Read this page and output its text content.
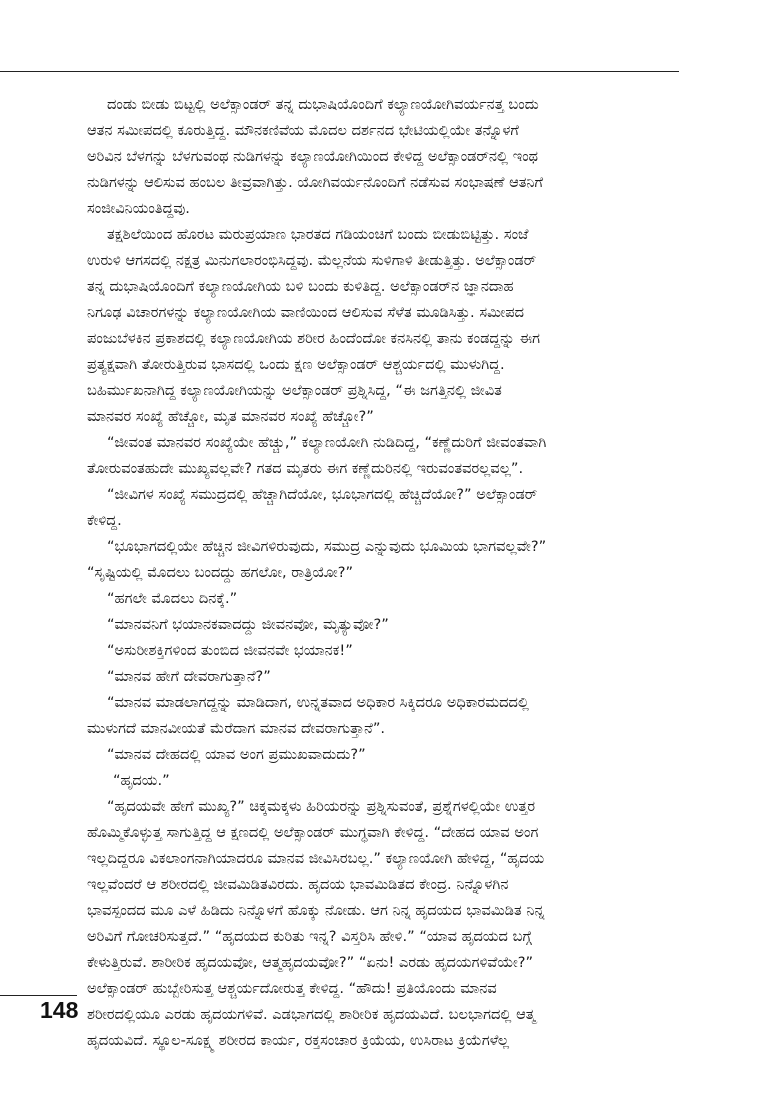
ದಂಡು ಬೀಡು ಬಿಟ್ಟಲ್ಲಿ ಅಲೆಕ್ಸಾಂಡರ್ ತನ್ನ ದುಭಾಷಿಯೊಂದಿಗೆ ಕಲ್ಯಾಣಯೋಗಿವರ್ಯನತ್ತ ಬಂದು

ಆತನ ಸಮೀಪದಲ್ಲಿ ಕೂರುತ್ತಿದ್ದ. ಮೌನಕಣಿವೆಯ ಮೊದಲ ದರ್ಶನದ ಭೇಟಿಯಲ್ಲಿಯೇ ತನ್ನೊಳಗೆ

ಅರಿವಿನ ಬೆಳಗನ್ನು ಬೆಳಗುವಂಥ ನುಡಿಗಳನ್ನು ಕಲ್ಯಾಣಯೋಗಿಯಿಂದ ಕೇಳಿದ್ದ ಅಲೆಕ್ಸಾಂಡರ್‌ನಲ್ಲಿ ಇಂಥ

ನುಡಿಗಳನ್ನು ಆಲಿಸುವ ಹಂಬಲ ತೀವ್ರವಾಗಿತ್ತು. ಯೋಗಿವರ್ಯನೊಂದಿಗೆ ನಡೆಸುವ ಸಂಭಾಷಣೆ ಆತನಿಗೆ

ಸಂಜೀವಿನಿಯಂತಿದ್ದವು.

ತಕ್ಷಶಿಲೆಯಿಂದ ಹೊರಟ ಮರುಪ್ರಯಾಣ ಭಾರತದ ಗಡಿಯಂಚಿಗೆ ಬಂದು ಬೀಡುಬಿಟ್ಟಿತ್ತು. ಸಂಜೆ

ಉರುಳಿ ಆಗಸದಲ್ಲಿ ನಕ್ಷತ್ರ ಮಿನುಗಲಾರಂಭಿಸಿದ್ದವು. ಮೆಲ್ಲನೆಯ ಸುಳಿಗಾಳಿ ತೀಡುತ್ತಿತ್ತು. ಅಲೆಕ್ಸಾಂಡರ್

ತನ್ನ ದುಭಾಷಿಯೊಂದಿಗೆ ಕಲ್ಯಾಣಯೋಗಿಯ ಬಳಿ ಬಂದು ಕುಳಿತಿದ್ದ. ಅಲೆಕ್ಸಾಂಡರ್‌ನ ಜ್ಞಾನದಾಹ

ನಿಗೂಢ ವಿಚಾರಗಳನ್ನು ಕಲ್ಯಾಣಯೋಗಿಯ ವಾಣಿಯಿಂದ ಆಲಿಸುವ ಸೆಳೆತ ಮೂಡಿಸಿತ್ತು. ಸಮೀಪದ

ಪಂಜುಬೆಳಕಿನ ಪ್ರಕಾಶದಲ್ಲಿ ಕಲ್ಯಾಣಯೋಗಿಯ ಶರೀರ ಹಿಂದೆಂದೋ ಕನಸಿನಲ್ಲಿ ತಾನು ಕಂಡದ್ದನ್ನು ಈಗ

ಪ್ರತ್ಯಕ್ಷವಾಗಿ ತೋರುತ್ತಿರುವ ಭಾಸದಲ್ಲಿ ಒಂದು ಕ್ಷಣ ಅಲೆಕ್ಸಾಂಡರ್ ಆಶ್ಚರ್ಯದಲ್ಲಿ ಮುಳುಗಿದ್ದ.

ಬಹಿರ್ಮುಖನಾಗಿದ್ದ ಕಲ್ಯಾಣಯೋಗಿಯನ್ನು ಅಲೆಕ್ಸಾಂಡರ್ ಪ್ರಶ್ನಿಸಿದ್ದ, “ಈ ಜಗತ್ತಿನಲ್ಲಿ ಜೀವಿತ

ಮಾನವರ ಸಂಖ್ಯೆ ಹೆಚ್ಚೋ, ಮೃತ ಮಾನವರ ಸಂಖ್ಯೆ ಹೆಚ್ಚೋ?”

“ಜೀವಂತ ಮಾನವರ ಸಂಖ್ಯೆಯೇ ಹೆಚ್ಚು,” ಕಲ್ಯಾಣಯೋಗಿ ನುಡಿದಿದ್ದ, “ಕಣ್ಣೆದುರಿಗೆ ಜೀವಂತವಾಗಿ

ತೋರುವಂತಹುದೇ ಮುಖ್ಯವಲ್ಲವೇ? ಗತದ ಮೃತರು ಈಗ ಕಣ್ಣೆದುರಿನಲ್ಲಿ ಇರುವಂತವರಲ್ಲವಲ್ಲ”.

“ಜೀವಿಗಳ ಸಂಖ್ಯೆ ಸಮುದ್ರದಲ್ಲಿ ಹೆಚ್ಚಾಗಿದೆಯೋ, ಭೂಭಾಗದಲ್ಲಿ ಹೆಚ್ಚಿದೆಯೋ?” ಅಲೆಕ್ಸಾಂಡರ್

ಕೇಳಿದ್ದ.

“ಭೂಭಾಗದಲ್ಲಿಯೇ ಹೆಚ್ಚಿನ ಜೀವಿಗಳಿರುವುದು, ಸಮುದ್ರ ಎನ್ನುವುದು ಭೂಮಿಯ ಭಾಗವಲ್ಲವೇ?”

“ಸೃಷ್ಟಿಯಲ್ಲಿ ಮೊದಲು ಬಂದದ್ದು ಹಗಲೋ, ರಾತ್ರಿಯೋ?”

“ಹಗಲೇ ಮೊದಲು ದಿನಕ್ಕೆ.”

“ಮಾನವನಿಗೆ ಭಯಾನಕವಾದದ್ದು ಜೀವನವೋ, ಮೃತ್ಯುವೋ?”

“ಅಸುರೀಶಕ್ತಿಗಳಿಂದ ತುಂಬಿದ ಜೀವನವೇ ಭಯಾನಕ!”

“ಮಾನವ ಹೇಗೆ ದೇವರಾಗುತ್ತಾನೆ?”

“ಮಾನವ ಮಾಡಲಾಗದ್ದನ್ನು ಮಾಡಿದಾಗ, ಉನ್ನತವಾದ ಅಧಿಕಾರ ಸಿಕ್ಕಿದರೂ ಅಧಿಕಾರಮದದಲ್ಲಿ

ಮುಳುಗದೆ ಮಾನವೀಯತೆ ಮೆರೆದಾಗ ಮಾನವ ದೇವರಾಗುತ್ತಾನೆ”.

“ಮಾನವ ದೇಹದಲ್ಲಿ ಯಾವ ಅಂಗ ಪ್ರಮುಖವಾದುದು?”

“ಹೃದಯ.”

“ಹೃದಯವೇ ಹೇಗೆ ಮುಖ್ಯ?” ಚಿಕ್ಕಮಕ್ಕಳು ಹಿರಿಯರನ್ನು ಪ್ರಶ್ನಿಸುವಂತೆ, ಪ್ರಶ್ನೆಗಳಲ್ಲಿಯೇ ಉತ್ತರ

ಹೊಮ್ಮಿಕೊಳ್ಳುತ್ತ ಸಾಗುತ್ತಿದ್ದ ಆ ಕ್ಷಣದಲ್ಲಿ ಅಲೆಕ್ಸಾಂಡರ್ ಮುಗ್ಧವಾಗಿ ಕೇಳಿದ್ದ. “ದೇಹದ ಯಾವ ಅಂಗ

ಇಲ್ಲದಿದ್ದರೂ ವಿಕಲಾಂಗನಾಗಿಯಾದರೂ ಮಾನವ ಜೀವಿಸಿರಬಲ್ಲ.” ಕಲ್ಯಾಣಯೋಗಿ ಹೇಳಿದ್ದ, “ಹೃದಯ

ಇಲ್ಲವೆಂದರೆ ಆ ಶರೀರದಲ್ಲಿ ಜೀವಮಿಡಿತವಿರದು. ಹೃದಯ ಭಾವಮಿಡಿತದ ಕೇಂದ್ರ. ನಿನ್ನೊಳಗಿನ

ಭಾವಸ್ಪಂದದ ಮೂ ಎಳೆ ಹಿಡಿದು ನಿನ್ನೊಳಗೆ ಹೊಕ್ಕು ನೋಡು. ಆಗ ನಿನ್ನ ಹೃದಯದ ಭಾವಮಿಡಿತ ನಿನ್ನ

ಅರಿವಿಗೆ ಗೋಚರಿಸುತ್ತದೆ.” “ಹೃದಯದ ಕುರಿತು ಇನ್ನ? ವಿಸ್ತರಿಸಿ ಹೇಳಿ.” “ಯಾವ ಹೃದಯದ ಬಗ್ಗೆ

ಕೇಳುತ್ತಿರುವೆ. ಶಾರೀರಿಕ ಹೃದಯವೋ, ಆತ್ಮಹೃದಯವೋ?” “ಏನು! ಎರಡು ಹೃದಯಗಳಿವೆಯೇ?”

ಅಲೆಕ್ಸಾಂಡರ್ ಹುಬ್ಬೇರಿಸುತ್ತ ಆಶ್ಚರ್ಯದೋರುತ್ತ ಕೇಳಿದ್ದ. “ಹೌದು! ಪ್ರತಿಯೊಂದು ಮಾನವ

ಶರೀರದಲ್ಲಿಯೂ ಎರಡು ಹೃದಯಗಳಿವೆ. ಎಡಭಾಗದಲ್ಲಿ ಶಾರೀರಿಕ ಹೃದಯವಿದೆ. ಬಲಭಾಗದಲ್ಲಿ ಆತ್ಮ

ಹೃದಯವಿದೆ. ಸ್ಥೂಲ-ಸೂಕ್ಷ್ಮ ಶರೀರದ ಕಾರ್ಯ, ರಕ್ತಸಂಚಾರ ಕ್ರಿಯೆಯ, ಉಸಿರಾಟ ಕ್ರಿಯೆಗಳೆಲ್ಲ

148
